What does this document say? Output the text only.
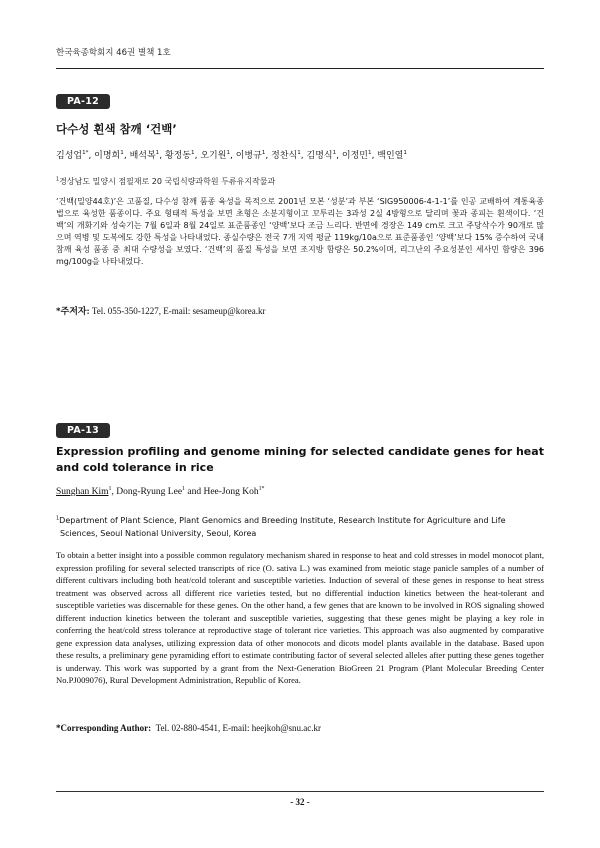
한국육종학회지 46권 별책 1호
PA-12
다수성 흰색 참깨 ‘건백’
김성업$^{1*}$, 이명희$^1$, 배석복$^1$, 황정동$^1$, 오기원$^1$, 이병규$^1$, 정찬식$^1$, 김명식$^1$, 이정민$^1$, 백인열$^1$
$^1$경상남도 밀양시 점필재로 20 국립식량과학원 두류유지작물과
‘건백(밀양44호)’은 고품질, 다수성 참깨 품종 육성을 목적으로 2001년 모본 ‘성분’과 부본 ‘SIG950006-4-1-1’를 인공 교배하여 계통육종법으로 육성한 품종이다. 주요 형태적 특성을 보면 초형은 소분지형이고 꼬투리는 3과성 2실 4방형으로 달리며 꽃과 종피는 흰색이다. ‘건백’의 개화기와 성숙기는 7월 6일과 8월 24일로 표준품종인 ‘양백’보다 조금 느리다. 반면에 경장은 149 cm로 크고 주당삭수가 90개로 많으며 역병 및 도복에도 강한 특성을 나타내었다. 종실수량은 전국 7개 지역 평균 119kg/10a으로 표준품종인 ‘양백’보다 15% 증수하여 국내 참깨 육성 품종 중 최대 수량성을 보였다. ‘건백’의 품질 특성을 보면 조지방 함량은 50.2%이며, 리그난의 주요성분인 세사민 함량은 396 mg/100g을 나타내었다.
*주저자: Tel. 055-350-1227, E-mail: sesameup@korea.kr
PA-13
Expression profiling and genome mining for selected candidate genes for heat and cold tolerance in rice
Sunghan Kim$^1$, Dong-Ryung Lee$^1$ and Hee-Jong Koh$^{1*}$
$^1$Department of Plant Science, Plant Genomics and Breeding Institute, Research Institute for Agriculture and Life
Sciences, Seoul National University, Seoul, Korea
To obtain a better insight into a possible common regulatory mechanism shared in response to heat and cold stresses in model monocot plant, expression profiling for several selected transcripts of rice (O. sativa L.) was examined from meiotic stage panicle samples of a number of different cultivars including both heat/cold tolerant and susceptible varieties. Induction of several of these genes in response to heat stress treatment was observed across all different rice varieties tested, but no differential induction kinetics between the heat-tolerant and susceptible varieties was discernable for these genes. On the other hand, a few genes that are known to be involved in ROS signaling showed different induction kinetics between the tolerant and susceptible varieties, suggesting that these genes might be playing a key role in conferring the heat/cold stress tolerance at reproductive stage of tolerant rice varieties. This approach was also augmented by comparative gene expression data analyses, utilizing expression data of other monocots and dicots model plants available in the database. Based upon these results, a preliminary gene pyramiding effort to estimate contributing factor of several selected alleles after putting these genes together is underway. This work was supported by a grant from the Next-Generation BioGreen 21 Program (Plant Molecular Breeding Center No.PJ009076), Rural Development Administration, Republic of Korea.
*Corresponding Author: Tel. 02-880-4541, E-mail: heejkoh@snu.ac.kr
- 32 -
